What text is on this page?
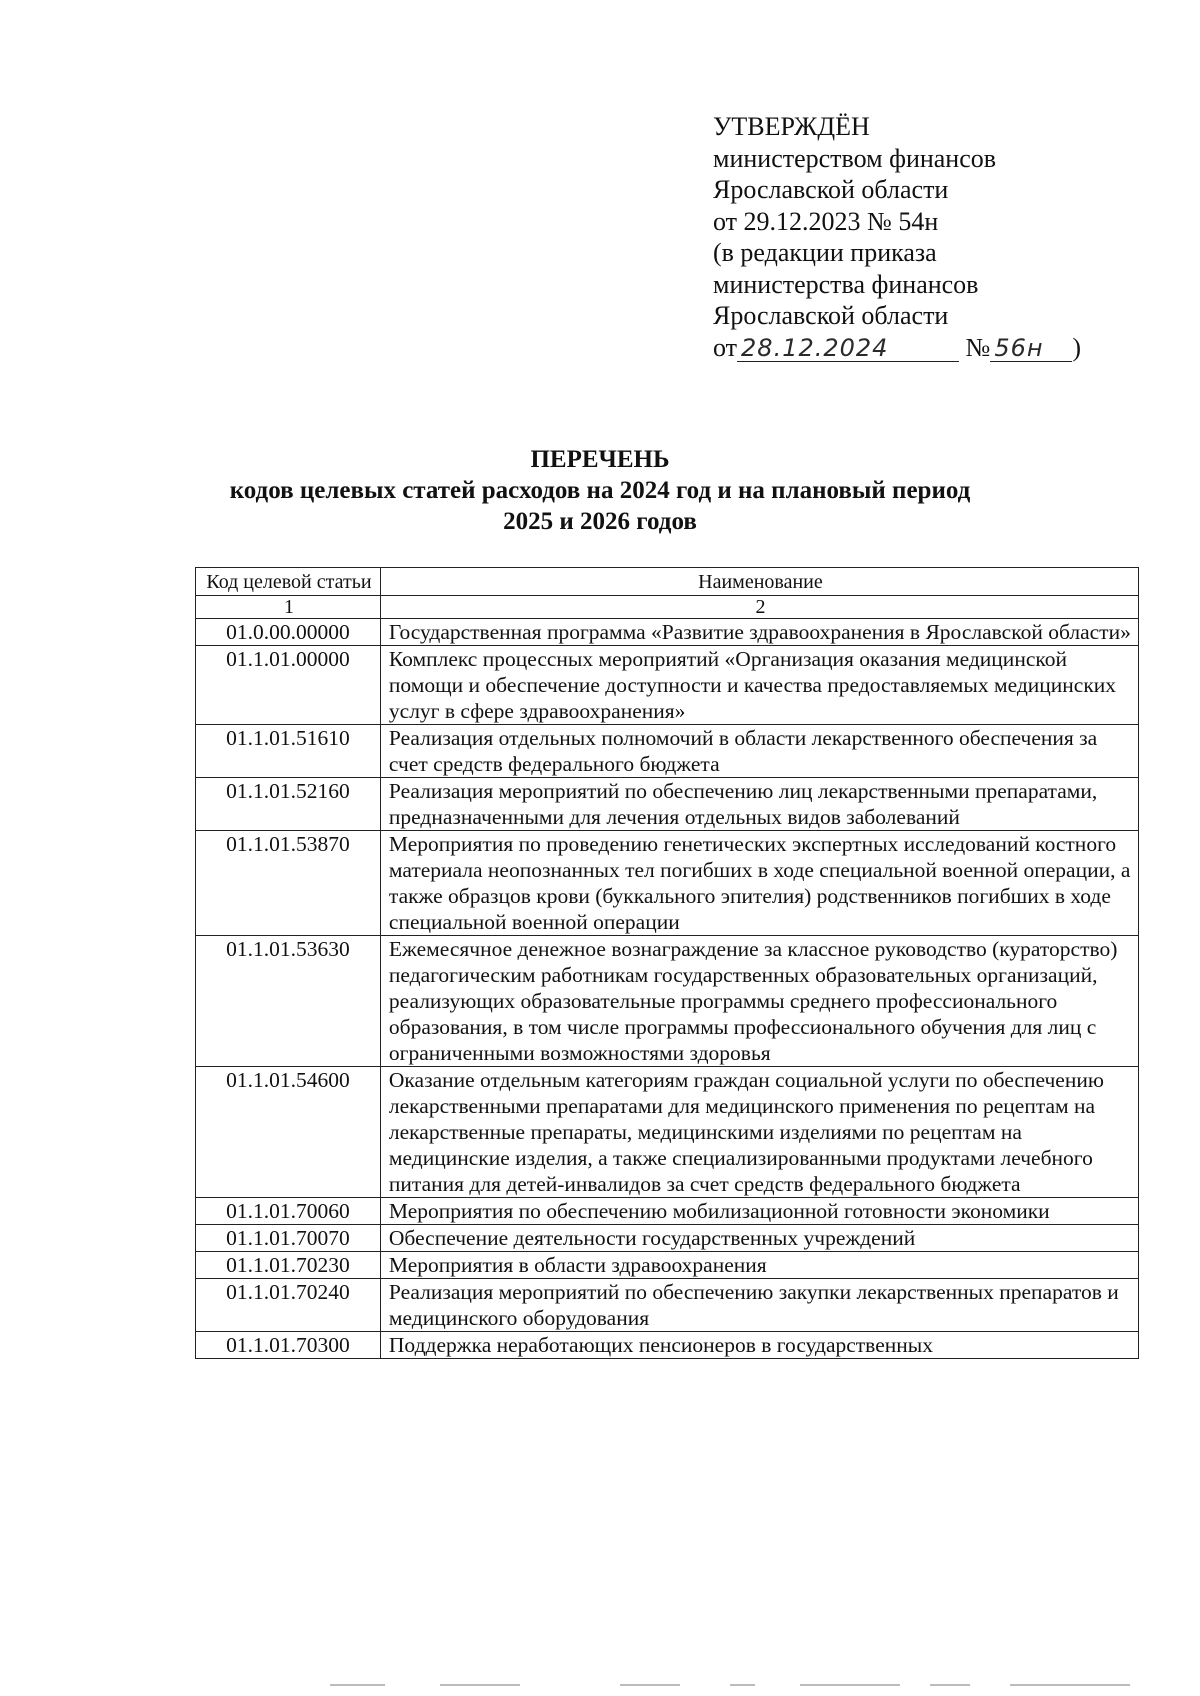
УТВЕРЖДЁН
министерством финансов
Ярославской области
от 29.12.2023 № 54н
(в редакции приказа
министерства финансов
Ярославской области
от 28.12.2024	№ 56н )
ПЕРЕЧЕНЬ
кодов целевых статей расходов на 2024 год и на плановый период
2025 и 2026 годов
Код целевой статьи	Наименование
1	2
01.0.00.00000	Государственная программа «Развитие здравоохранения в Ярославской области»
01.1.01.00000	Комплекс процессных мероприятий «Организация оказания медицинской помощи и обеспечение доступности и качества предоставляемых медицинских услуг в сфере здравоохранения»
01.1.01.51610	Реализация отдельных полномочий в области лекарственного обеспечения за счет средств федерального бюджета
01.1.01.52160	Реализация мероприятий по обеспечению лиц лекарственными препаратами, предназначенными для лечения отдельных видов заболеваний
01.1.01.53870	Мероприятия по проведению генетических экспертных исследований костного материала неопознанных тел погибших в ходе специальной военной операции, а также образцов крови (буккального эпителия) родственников погибших в ходе специальной военной операции
01.1.01.53630	Ежемесячное денежное вознаграждение за классное руководство (кураторство) педагогическим работникам государственных образовательных организаций, реализующих образовательные программы среднего профессионального образования, в том числе программы профессионального обучения для лиц с ограниченными возможностями здоровья
01.1.01.54600	Оказание отдельным категориям граждан социальной услуги по обеспечению лекарственными препаратами для медицинского применения по рецептам на лекарственные препараты, медицинскими изделиями по рецептам на медицинские изделия, а также специализированными продуктами лечебного питания для детей-инвалидов за счет средств федерального бюджета
01.1.01.70060	Мероприятия по обеспечению мобилизационной готовности экономики
01.1.01.70070	Обеспечение деятельности государственных учреждений
01.1.01.70230	Мероприятия в области здравоохранения
01.1.01.70240	Реализация мероприятий по обеспечению закупки лекарственных препаратов и медицинского оборудования
01.1.01.70300	Поддержка неработающих пенсионеров в государственных
